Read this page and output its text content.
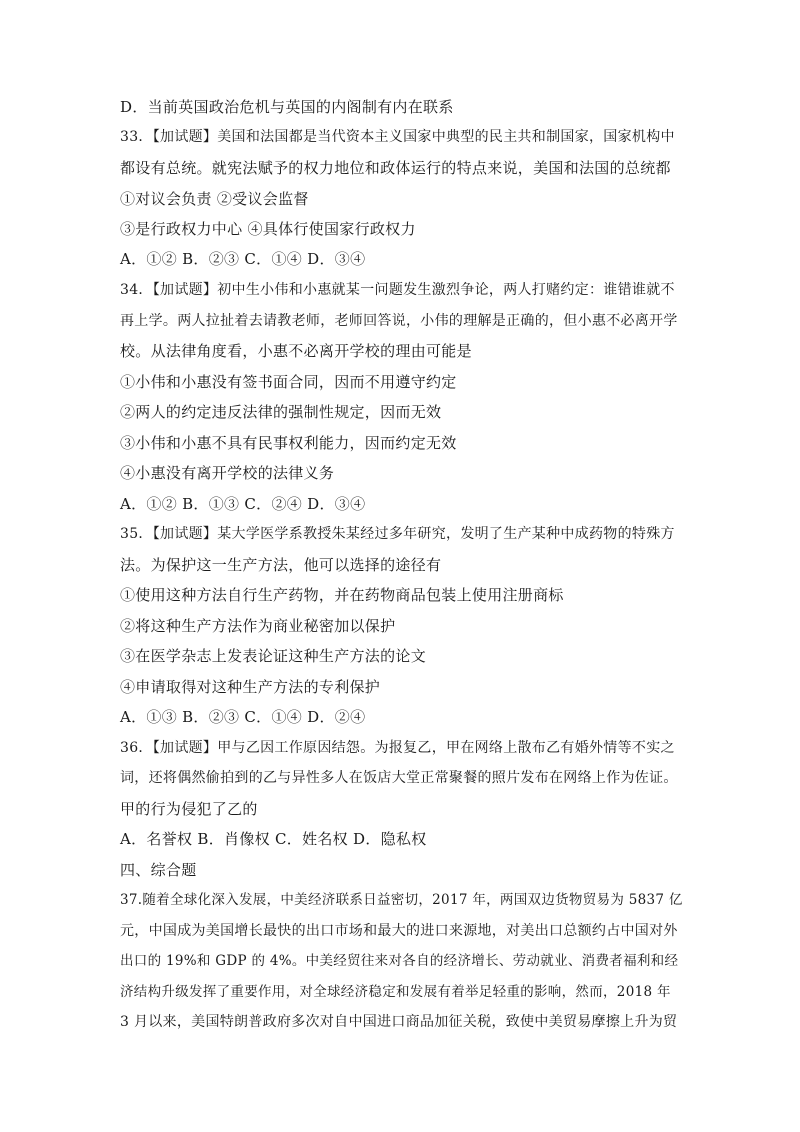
D．当前英国政治危机与英国的内阁制有内在联系
33．【加试题】美国和法国都是当代资本主义国家中典型的民主共和制国家，国家机构中
都设有总统。就宪法赋予的权力地位和政体运行的特点来说，美国和法国的总统都
①对议会负责 ②受议会监督
③是行政权力中心 ④具体行使国家行政权力
A．①② B．②③ C．①④ D．③④
34．【加试题】初中生小伟和小惠就某一问题发生激烈争论，两人打赌约定：谁错谁就不
再上学。两人拉扯着去请教老师，老师回答说，小伟的理解是正确的，但小惠不必离开学
校。从法律角度看，小惠不必离开学校的理由可能是
①小伟和小惠没有签书面合同，因而不用遵守约定
②两人的约定违反法律的强制性规定，因而无效
③小伟和小惠不具有民事权利能力，因而约定无效
④小惠没有离开学校的法律义务
A．①② B．①③ C．②④ D．③④
35．【加试题】某大学医学系教授朱某经过多年研究，发明了生产某种中成药物的特殊方
法。为保护这一生产方法，他可以选择的途径有
①使用这种方法自行生产药物，并在药物商品包装上使用注册商标
②将这种生产方法作为商业秘密加以保护
③在医学杂志上发表论证这种生产方法的论文
④申请取得对这种生产方法的专利保护
A．①③ B．②③ C．①④ D．②④
36．【加试题】甲与乙因工作原因结怨。为报复乙，甲在网络上散布乙有婚外情等不实之
词，还将偶然偷拍到的乙与异性多人在饭店大堂正常聚餐的照片发布在网络上作为佐证。
甲的行为侵犯了乙的
A．名誉权 B．肖像权 C．姓名权 D．隐私权
四、综合题
37.随着全球化深入发展，中美经济联系日益密切，2017 年，两国双边货物贸易为 5837 亿
元，中国成为美国增长最快的出口市场和最大的进口来源地，对美出口总额约占中国对外
出口的 19%和 GDP 的 4%。中美经贸往来对各自的经济增长、劳动就业、消费者福利和经
济结构升级发挥了重要作用，对全球经济稳定和发展有着举足轻重的影响，然而，2018 年
3 月以来，美国特朗普政府多次对自中国进口商品加征关税，致使中美贸易摩擦上升为贸
